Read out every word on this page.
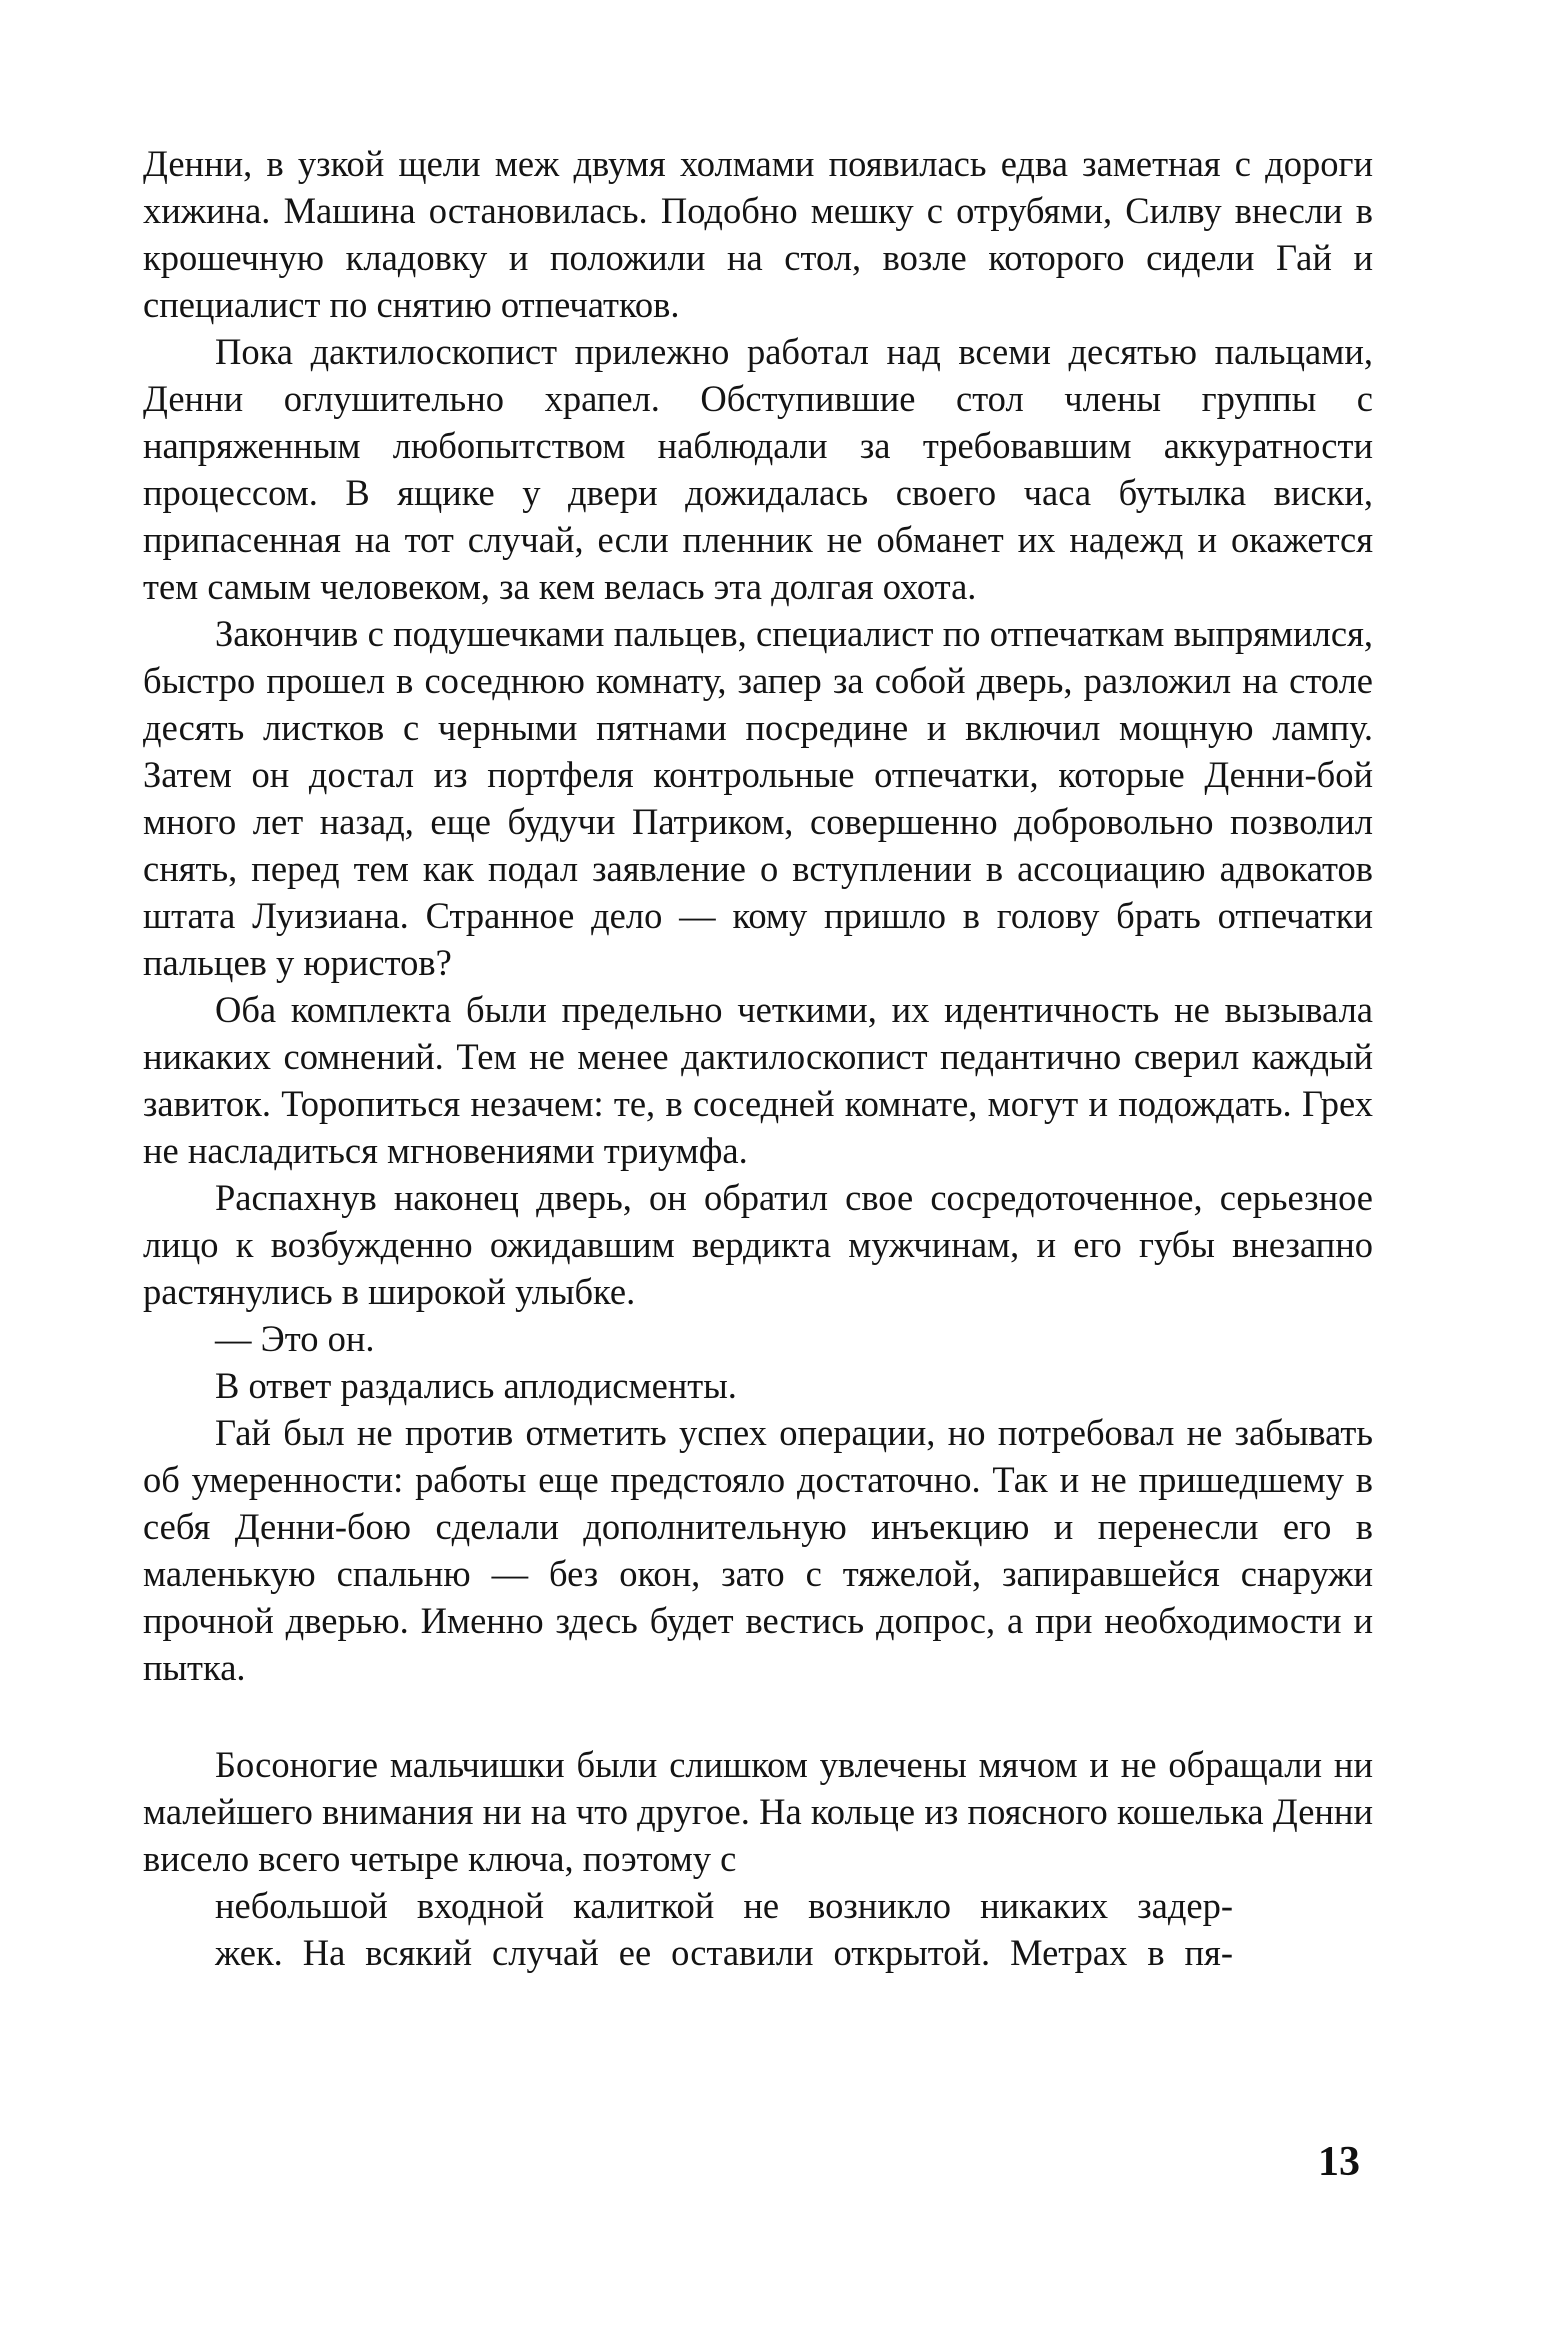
Денни, в узкой щели меж двумя холмами появилась едва заметная с дороги хижина. Машина остановилась. Подобно мешку с отрубями, Силву внесли в крошечную кладовку и положили на стол, возле которого сидели Гай и специалист по снятию отпечатков.

Пока дактилоскопист прилежно работал над всеми десятью пальцами, Денни оглушительно храпел. Обступившие стол члены группы с напряженным любопытством наблюдали за требовавшим аккуратности процессом. В ящике у двери дожидалась своего часа бутылка виски, припасенная на тот случай, если пленник не обманет их надежд и окажется тем самым человеком, за кем велась эта долгая охота.

Закончив с подушечками пальцев, специалист по отпечаткам выпрямился, быстро прошел в соседнюю комнату, запер за собой дверь, разложил на столе десять листков с черными пятнами посредине и включил мощную лампу. Затем он достал из портфеля контрольные отпечатки, которые Денни-бой много лет назад, еще будучи Патриком, совершенно добровольно позволил снять, перед тем как подал заявление о вступлении в ассоциацию адвокатов штата Луизиана. Странное дело — кому пришло в голову брать отпечатки пальцев у юристов?

Оба комплекта были предельно четкими, их идентичность не вызывала никаких сомнений. Тем не менее дактилоскопист педантично сверил каждый завиток. Торопиться незачем: те, в соседней комнате, могут и подождать. Грех не насладиться мгновениями триумфа.

Распахнув наконец дверь, он обратил свое сосредоточенное, серьезное лицо к возбужденно ожидавшим вердикта мужчинам, и его губы внезапно растянулись в широкой улыбке.

— Это он.

В ответ раздались аплодисменты.

Гай был не против отметить успех операции, но потребовал не забывать об умеренности: работы еще предстояло достаточно. Так и не пришедшему в себя Денни-бою сделали дополнительную инъекцию и перенесли его в маленькую спальню — без окон, зато с тяжелой, запиравшейся снаружи прочной дверью. Именно здесь будет вестись допрос, а при необходимости и пытка.

Босоногие мальчишки были слишком увлечены мячом и не обращали ни малейшего внимания ни на что другое. На кольце из поясного кошелька Денни висело всего четыре ключа, поэтому с

небольшой входной калиткой не возникло никаких задер-

жек. На всякий случай ее оставили открытой. Метрах в пя-

13
